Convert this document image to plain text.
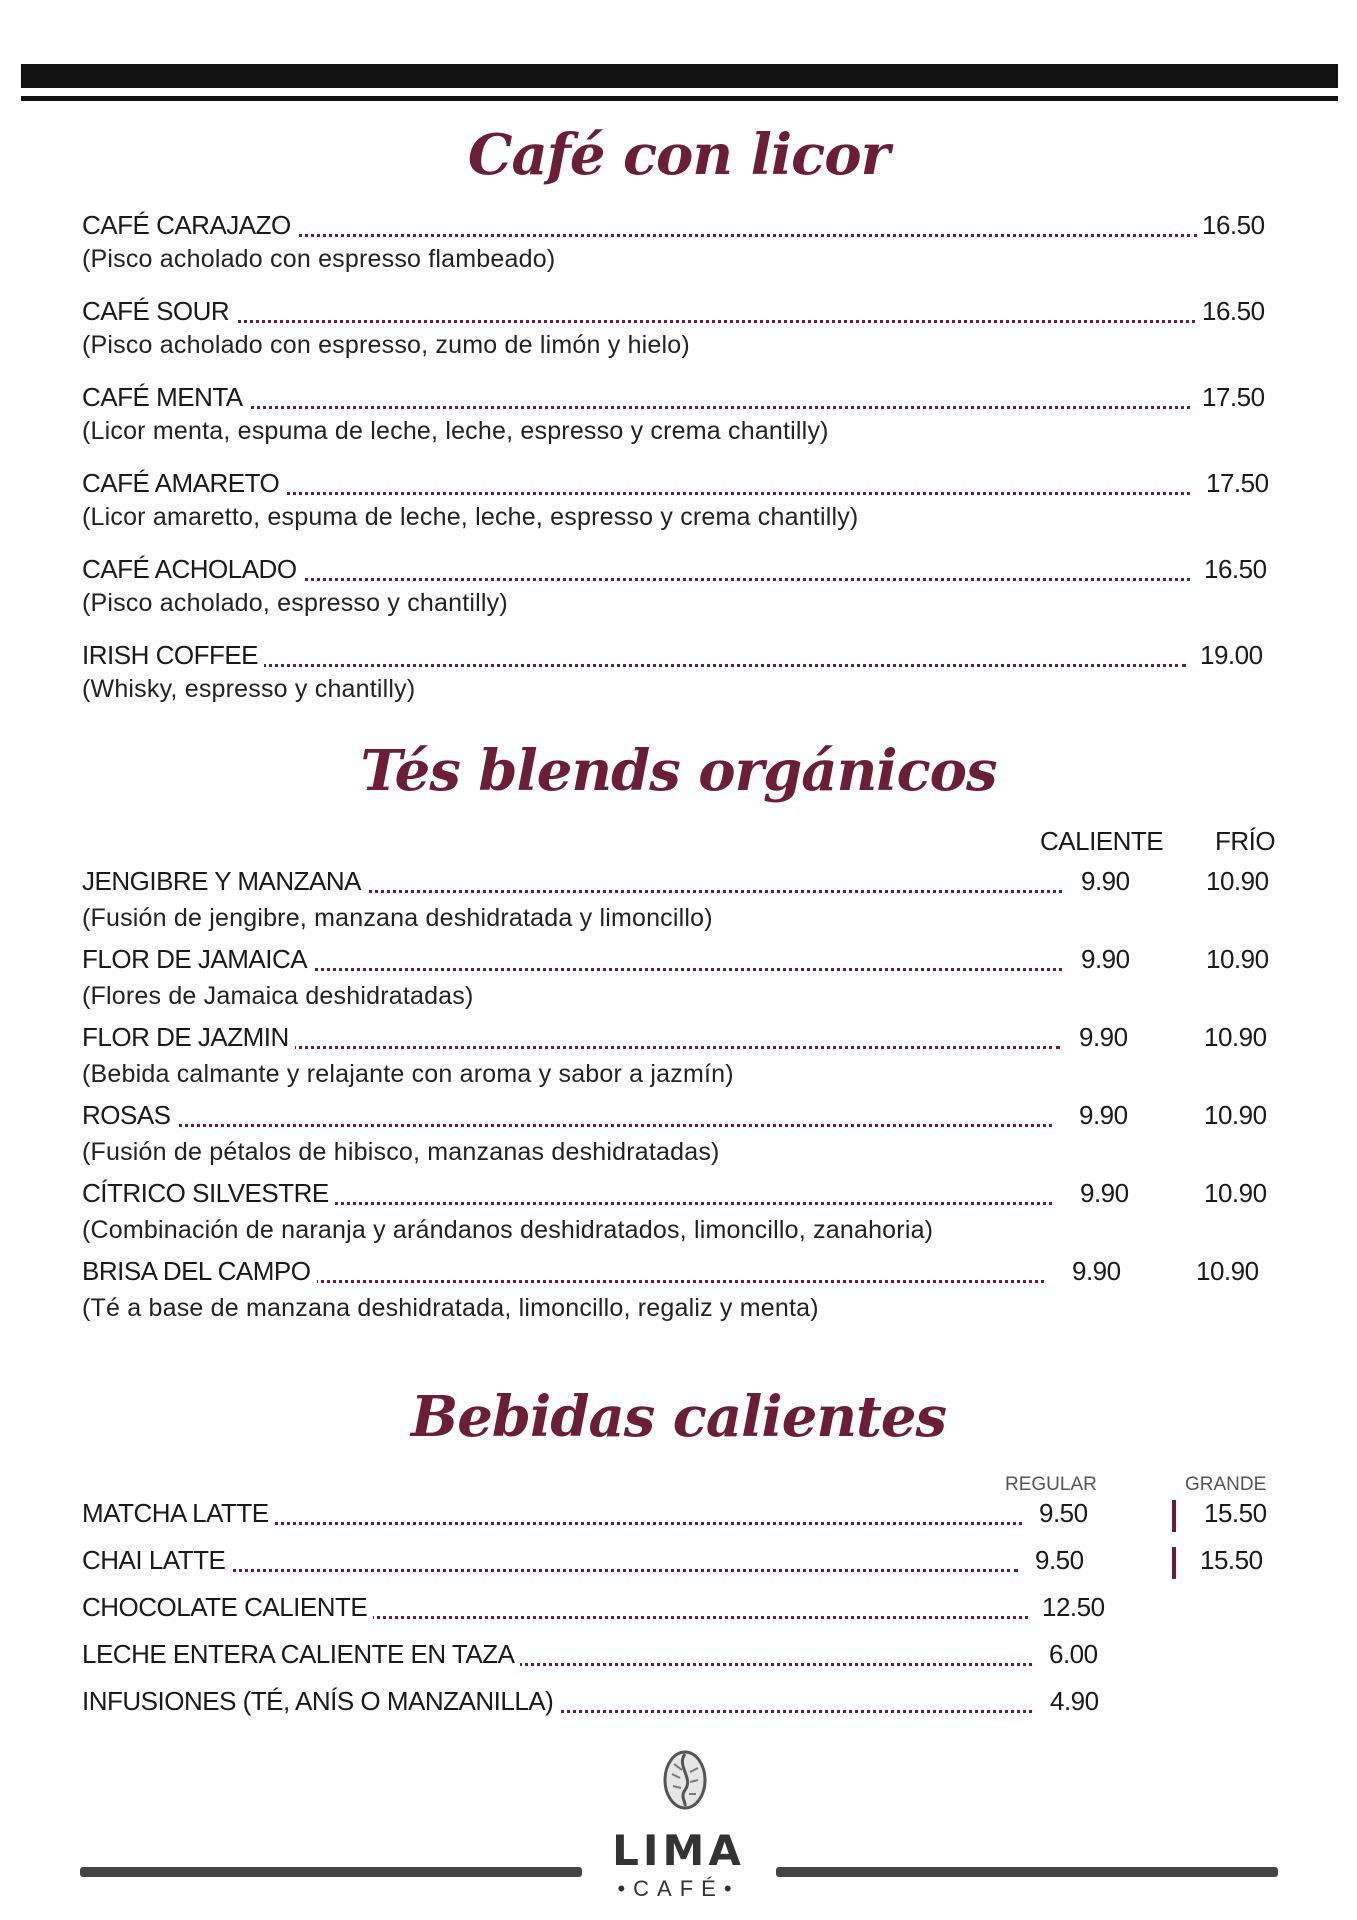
Café con licor
CAFÉ CARAJAZO	16.50
(Pisco acholado con espresso flambeado)
CAFÉ SOUR	16.50
(Pisco acholado con espresso, zumo de limón y hielo)
CAFÉ MENTA	17.50
(Licor menta, espuma de leche, leche, espresso y crema chantilly)
CAFÉ AMARETO	17.50
(Licor amaretto, espuma de leche, leche, espresso y crema chantilly)
CAFÉ ACHOLADO	16.50
(Pisco acholado, espresso y chantilly)
IRISH COFFEE	19.00
(Whisky, espresso y chantilly)
Tés blends orgánicos
CALIENTE FRÍO
JENGIBRE Y MANZANA	9.90	10.90
(Fusión de jengibre, manzana deshidratada y limoncillo)
FLOR DE JAMAICA	9.90	10.90
(Flores de Jamaica deshidratadas)
FLOR DE JAZMIN	9.90	10.90
(Bebida calmante y relajante con aroma y sabor a jazmín)
ROSAS	9.90	10.90
(Fusión de pétalos de hibisco, manzanas deshidratadas)
CÍTRICO SILVESTRE	9.90	10.90
(Combinación de naranja y arándanos deshidratados, limoncillo, zanahoria)
BRISA DEL CAMPO	9.90	10.90
(Té a base de manzana deshidratada, limoncillo, regaliz y menta)
Bebidas calientes
REGULAR	GRANDE
MATCHA LATTE	9.50	15.50
CHAI LATTE	9.50	15.50
CHOCOLATE CALIENTE	12.50
LECHE ENTERA CALIENTE EN TAZA	6.00
INFUSIONES (TÉ, ANÍS O MANZANILLA)	4.90
LIMA
•CAFÉ•
